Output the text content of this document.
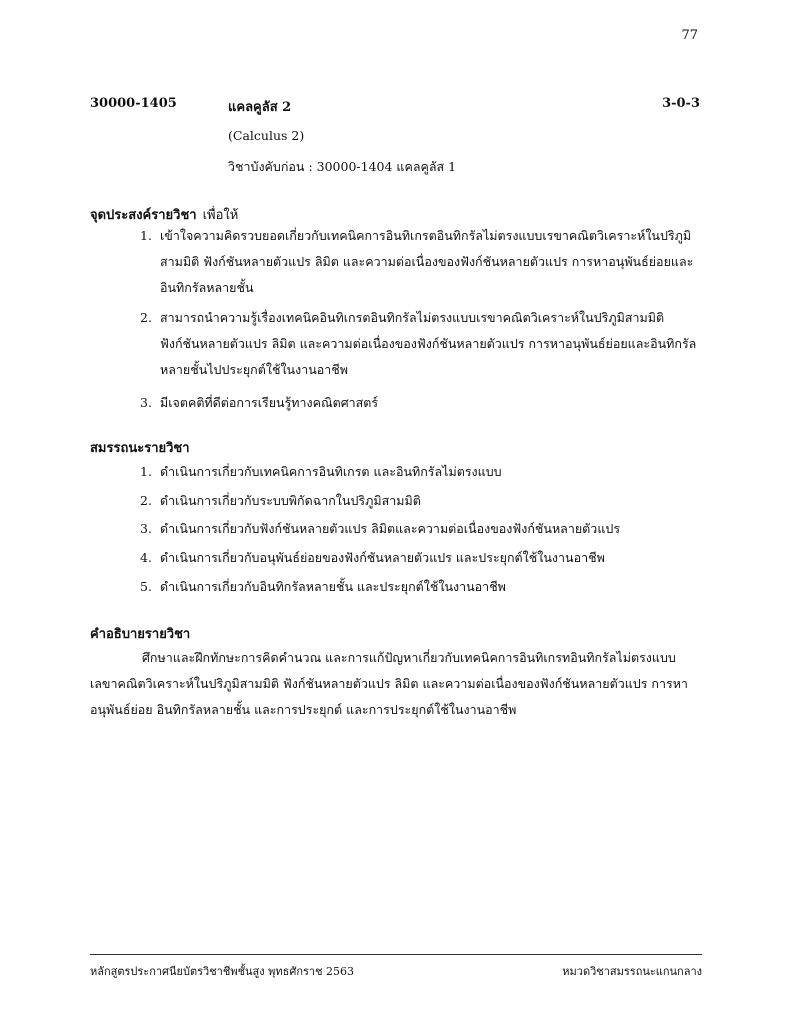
77
30000-1405	แคลคูลัส 2	3-0-3
(Calculus 2)
วิชาบังคับก่อน : 30000-1404 แคลคูลัส 1
จุดประสงค์รายวิชา เพื่อให้
1. เข้าใจความคิดรวบยอดเกี่ยวกับเทคนิคการอินทิเกรตอินทิกรัลไม่ตรงแบบเรขาคณิตวิเคราะห์ในปริภูมิสามมิติ ฟังก์ชันหลายตัวแปร ลิมิต และความต่อเนื่องของฟังก์ชันหลายตัวแปร การหาอนุพันธ์ย่อยและอินทิกรัลหลายชั้น
2. สามารถนำความรู้เรื่องเทคนิคอินทิเกรตอินทิกรัลไม่ตรงแบบเรขาคณิตวิเคราะห์ในปริภูมิสามมิติ ฟังก์ชันหลายตัวแปร ลิมิต และความต่อเนื่องของฟังก์ชันหลายตัวแปร การหาอนุพันธ์ย่อยและอินทิกรัลหลายชั้นไปประยุกต์ใช้ในงานอาชีพ
3. มีเจตคติที่ดีต่อการเรียนรู้ทางคณิตศาสตร์
สมรรถนะรายวิชา
1. ดำเนินการเกี่ยวกับเทคนิคการอินทิเกรต และอินทิกรัลไม่ตรงแบบ
2. ดำเนินการเกี่ยวกับระบบพิกัดฉากในปริภูมิสามมิติ
3. ดำเนินการเกี่ยวกับฟังก์ชันหลายตัวแปร ลิมิตและความต่อเนื่องของฟังก์ชันหลายตัวแปร
4. ดำเนินการเกี่ยวกับอนุพันธ์ย่อยของฟังก์ชันหลายตัวแปร และประยุกต์ใช้ในงานอาชีพ
5. ดำเนินการเกี่ยวกับอินทิกรัลหลายชั้น และประยุกต์ใช้ในงานอาชีพ
คำอธิบายรายวิชา
ศึกษาและฝึกทักษะการคิดคำนวณ และการแก้ปัญหาเกี่ยวกับเทคนิคการอินทิเกรทอินทิกรัลไม่ตรงแบบเลขาคณิตวิเคราะห์ในปริภูมิสามมิติ ฟังก์ชันหลายตัวแปร ลิมิต และความต่อเนื่องของฟังก์ชันหลายตัวแปร การหาอนุพันธ์ย่อย อินทิกรัลหลายชั้น และการประยุกต์ และการประยุกต์ใช้ในงานอาชีพ
หลักสูตรประกาศนียบัตรวิชาชีพชั้นสูง พุทธศักราช 2563	หมวดวิชาสมรรถนะแกนกลาง
